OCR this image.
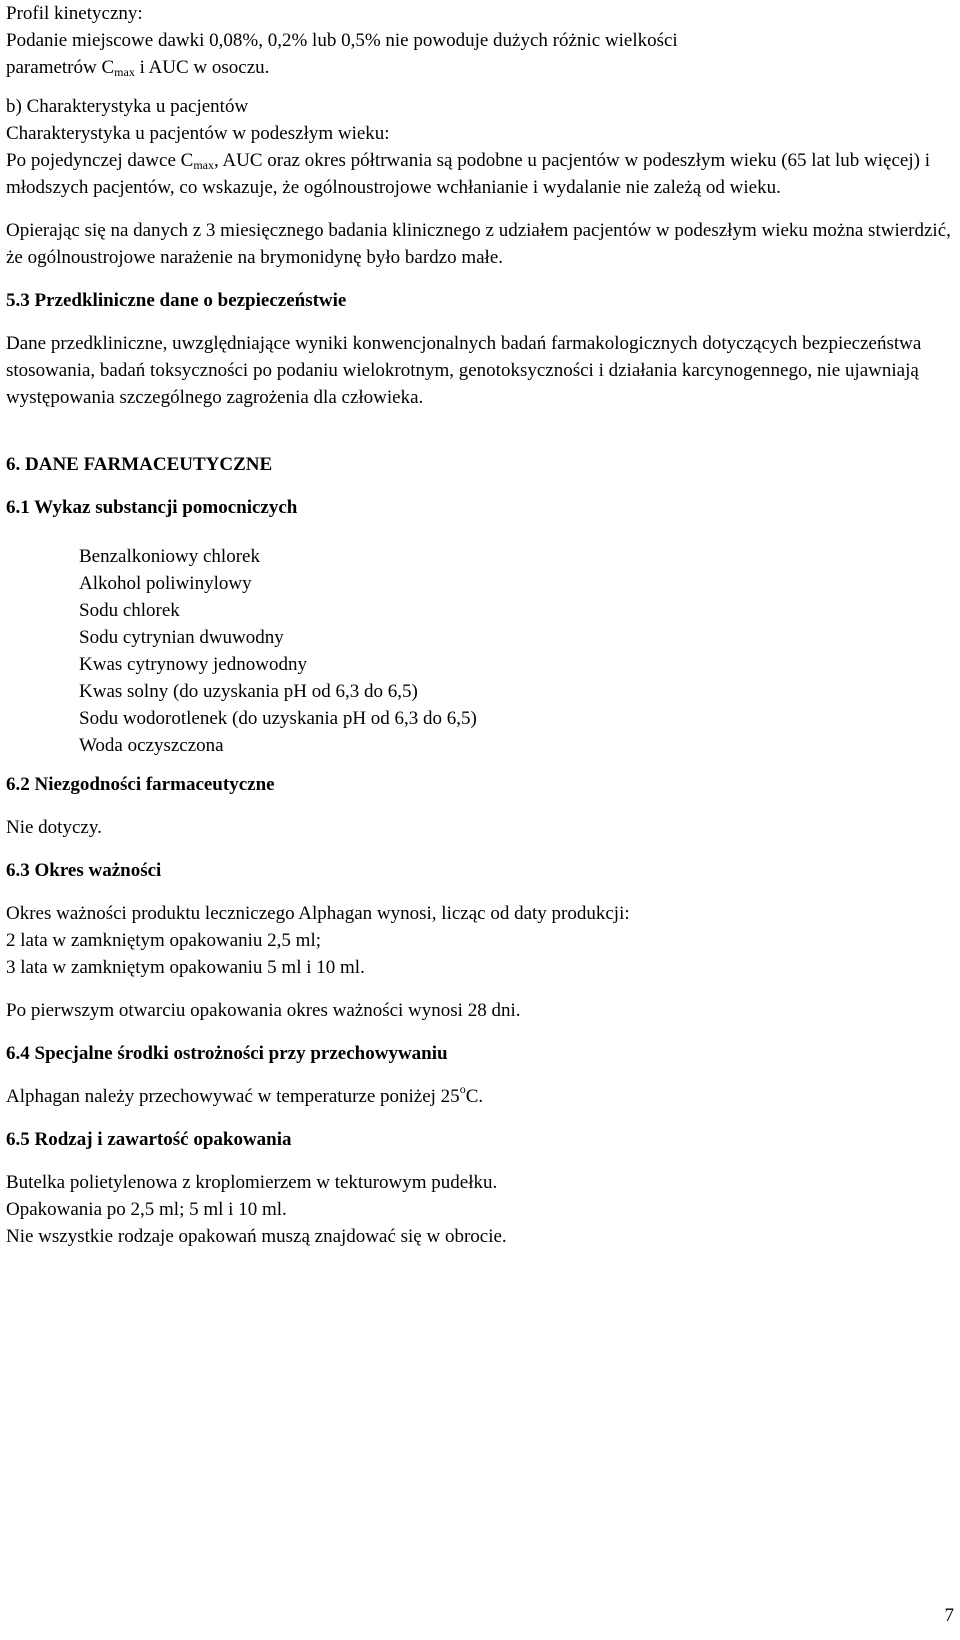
Profil kinetyczny:

Podanie miejscowe dawki 0,08%, 0,2% lub 0,5% nie powoduje dużych różnic wielkości

parametrów $C_{max}$ i AUC w osoczu.

b) Charakterystyka u pacjentów

Charakterystyka u pacjentów w podeszłym wieku:

Po pojedynczej dawce $C_{max}$, AUC oraz okres półtrwania są podobne u pacjentów w podeszłym wieku (65 lat lub więcej) i młodszych pacjentów, co wskazuje, że ogólnoustrojowe wchłanianie i wydalanie nie zależą od wieku.

Opierając się na danych z 3 miesięcznego badania klinicznego z udziałem pacjentów w podeszłym wieku można stwierdzić, że ogólnoustrojowe narażenie na brymonidynę było bardzo małe.

5.3 Przedkliniczne dane o bezpieczeństwie

Dane przedkliniczne, uwzględniające wyniki konwencjonalnych badań farmakologicznych dotyczących bezpieczeństwa stosowania, badań toksyczności po podaniu wielokrotnym, genotoksyczności i działania karcynogennego, nie ujawniają występowania szczególnego zagrożenia dla człowieka.

6. DANE FARMACEUTYCZNE

6.1 Wykaz substancji pomocniczych

Benzalkoniowy chlorek

Alkohol poliwinylowy

Sodu chlorek

Sodu cytrynian dwuwodny

Kwas cytrynowy jednowodny

Kwas solny (do uzyskania pH od 6,3 do 6,5)

Sodu wodorotlenek (do uzyskania pH od 6,3 do 6,5)

Woda oczyszczona

6.2 Niezgodności farmaceutyczne

Nie dotyczy.

6.3 Okres ważności

Okres ważności produktu leczniczego Alphagan wynosi, licząc od daty produkcji:

2 lata w zamkniętym opakowaniu 2,5 ml;

3 lata w zamkniętym opakowaniu 5 ml i 10 ml.

Po pierwszym otwarciu opakowania okres ważności wynosi 28 dni.

6.4 Specjalne środki ostrożności przy przechowywaniu

Alphagan należy przechowywać w temperaturze poniżej 25$^o$C.

6.5 Rodzaj i zawartość opakowania

Butelka polietylenowa z kroplomierzem w tekturowym pudełku.

Opakowania po 2,5 ml; 5 ml i 10 ml.

Nie wszystkie rodzaje opakowań muszą znajdować się w obrocie.

7
